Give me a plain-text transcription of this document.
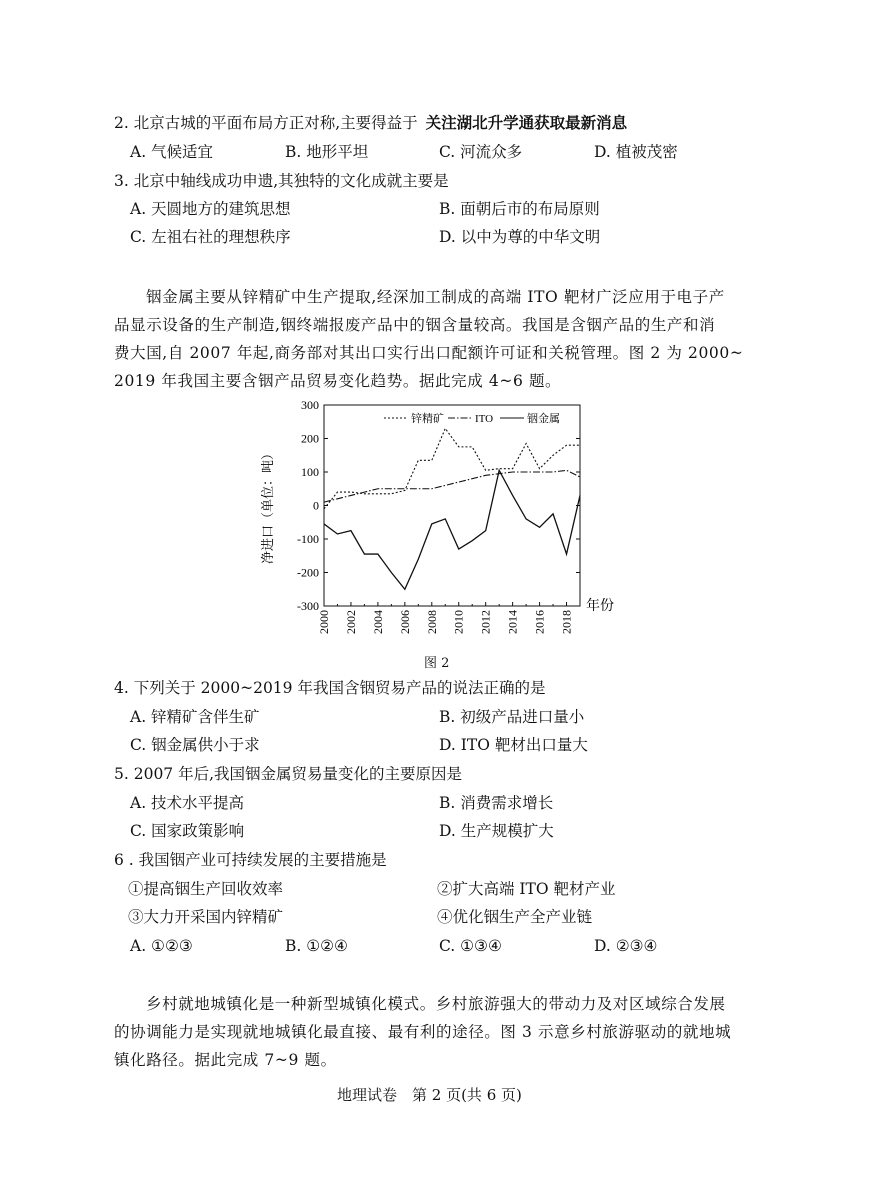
2. 北京古城的平面布局方正对称,主要得益于 关注湖北升学通获取最新消息
A. 气候适宜	B. 地形平坦	C. 河流众多	D. 植被茂密
3. 北京中轴线成功申遗,其独特的文化成就主要是
A. 天圆地方的建筑思想	B. 面朝后市的布局原则
C. 左祖右社的理想秩序	D. 以中为尊的中华文明
铟金属主要从锌精矿中生产提取,经深加工制成的高端 ITO 靶材广泛应用于电子产
品显示设备的生产制造,铟终端报废产品中的铟含量较高。我国是含铟产品的生产和消
费大国,自 2007 年起,商务部对其出口实行出口配额许可证和关税管理。图 2 为 2000~
2019 年我国主要含铟产品贸易变化趋势。据此完成 4~6 题。
300
200
100
0
-100
-200
-300
2000 2002 2004 2006 2008 2010 2012 2014 2016 2018
年份
净进口（单位：吨）
锌精矿	ITO	铟金属
图 2
4. 下列关于 2000~2019 年我国含铟贸易产品的说法正确的是
A. 锌精矿含伴生矿	B. 初级产品进口量小
C. 铟金属供小于求	D. ITO 靶材出口量大
5. 2007 年后,我国铟金属贸易量变化的主要原因是
A. 技术水平提高	B. 消费需求增长
C. 国家政策影响	D. 生产规模扩大
6 . 我国铟产业可持续发展的主要措施是
①提高铟生产回收效率	②扩大高端 ITO 靶材产业
③大力开采国内锌精矿	④优化铟生产全产业链
A. ①②③	B. ①②④	C. ①③④	D. ②③④
乡村就地城镇化是一种新型城镇化模式。乡村旅游强大的带动力及对区域综合发展
的协调能力是实现就地城镇化最直接、最有利的途径。图 3 示意乡村旅游驱动的就地城
镇化路径。据此完成 7~9 题。
地理试卷　第 2 页(共 6 页)
